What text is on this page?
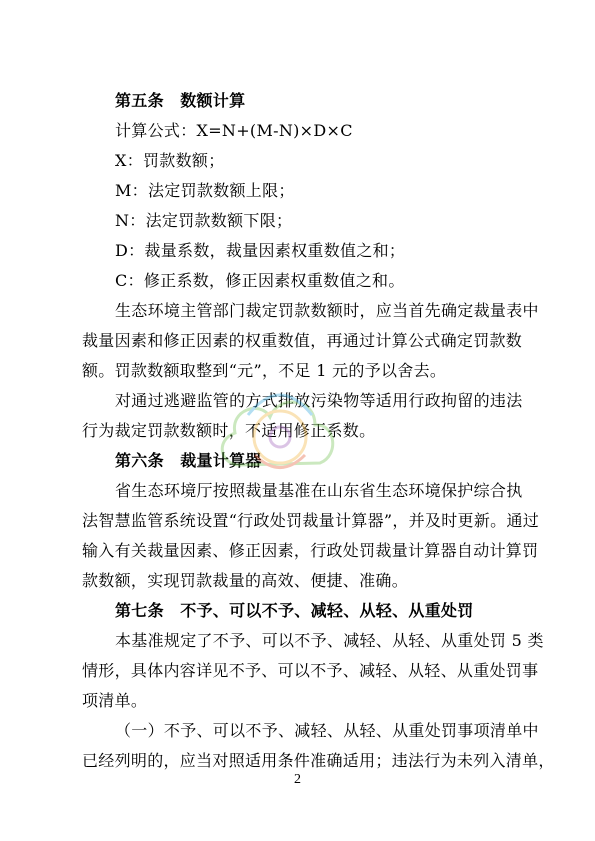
第五条　数额计算
计算公式：X=N+(M-N)×D×C
X：罚款数额；
M：法定罚款数额上限；
N：法定罚款数额下限；
D：裁量系数，裁量因素权重数值之和；
C：修正系数，修正因素权重数值之和。
生态环境主管部门裁定罚款数额时，应当首先确定裁量表中
裁量因素和修正因素的权重数值，再通过计算公式确定罚款数
额。罚款数额取整到“元”，不足 1 元的予以舍去。
对通过逃避监管的方式排放污染物等适用行政拘留的违法
行为裁定罚款数额时，不适用修正系数。
第六条　裁量计算器
省生态环境厅按照裁量基准在山东省生态环境保护综合执
法智慧监管系统设置“行政处罚裁量计算器”，并及时更新。通过
输入有关裁量因素、修正因素，行政处罚裁量计算器自动计算罚
款数额，实现罚款裁量的高效、便捷、准确。
第七条　不予、可以不予、减轻、从轻、从重处罚
本基准规定了不予、可以不予、减轻、从轻、从重处罚 5 类
情形，具体内容详见不予、可以不予、减轻、从轻、从重处罚事
项清单。
（一）不予、可以不予、减轻、从轻、从重处罚事项清单中
已经列明的，应当对照适用条件准确适用；违法行为未列入清单，
2
